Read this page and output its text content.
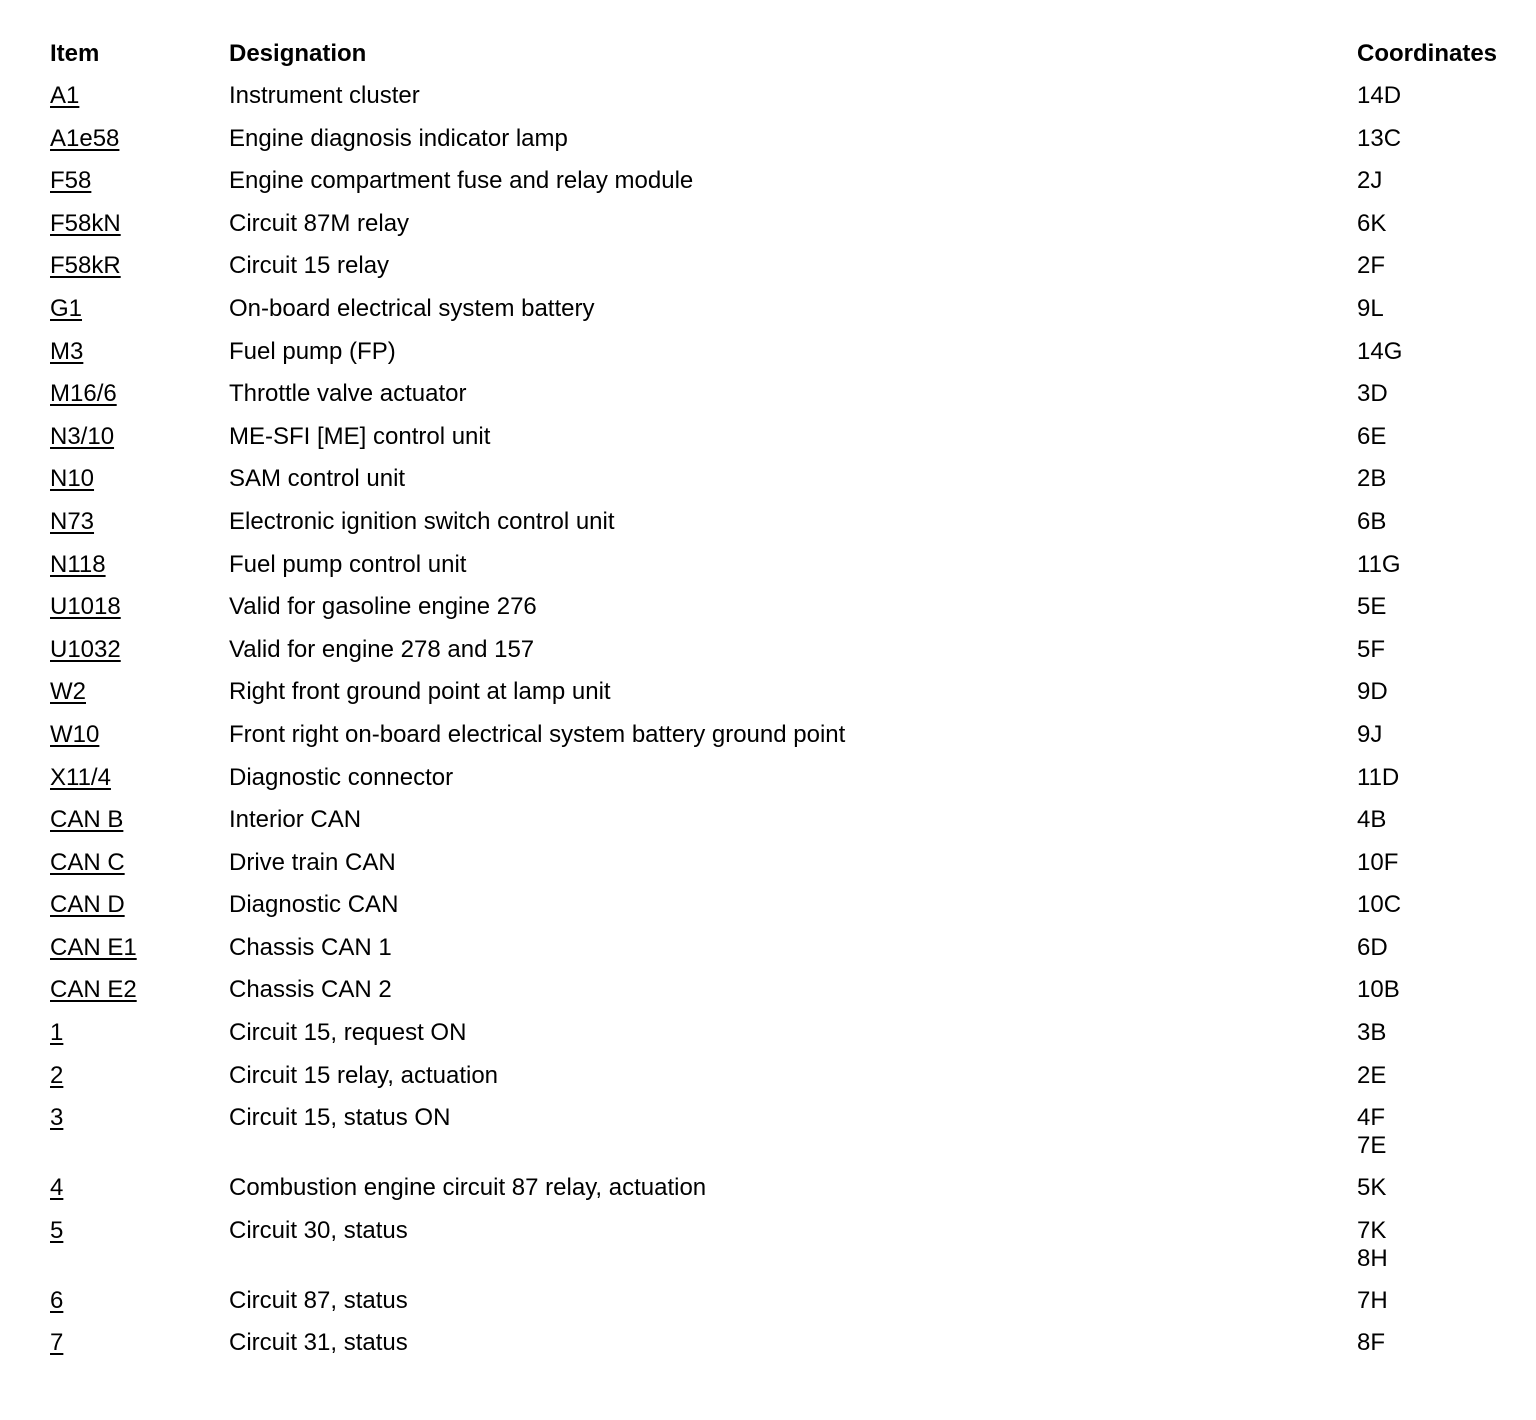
Item	Designation	Coordinates
A1	Instrument cluster	14D
A1e58	Engine diagnosis indicator lamp	13C
F58	Engine compartment fuse and relay module	2J
F58kN	Circuit 87M relay	6K
F58kR	Circuit 15 relay	2F
G1	On-board electrical system battery	9L
M3	Fuel pump (FP)	14G
M16/6	Throttle valve actuator	3D
N3/10	ME-SFI [ME] control unit	6E
N10	SAM control unit	2B
N73	Electronic ignition switch control unit	6B
N118	Fuel pump control unit	11G
U1018	Valid for gasoline engine 276	5E
U1032	Valid for engine 278 and 157	5F
W2	Right front ground point at lamp unit	9D
W10	Front right on-board electrical system battery ground point	9J
X11/4	Diagnostic connector	11D
CAN B	Interior CAN	4B
CAN C	Drive train CAN	10F
CAN D	Diagnostic CAN	10C
CAN E1	Chassis CAN 1	6D
CAN E2	Chassis CAN 2	10B
1	Circuit 15, request ON	3B
2	Circuit 15 relay, actuation	2E
3	Circuit 15, status ON	4F
7E
4	Combustion engine circuit 87 relay, actuation	5K
5	Circuit 30, status	7K
8H
6	Circuit 87, status	7H
7	Circuit 31, status	8F
